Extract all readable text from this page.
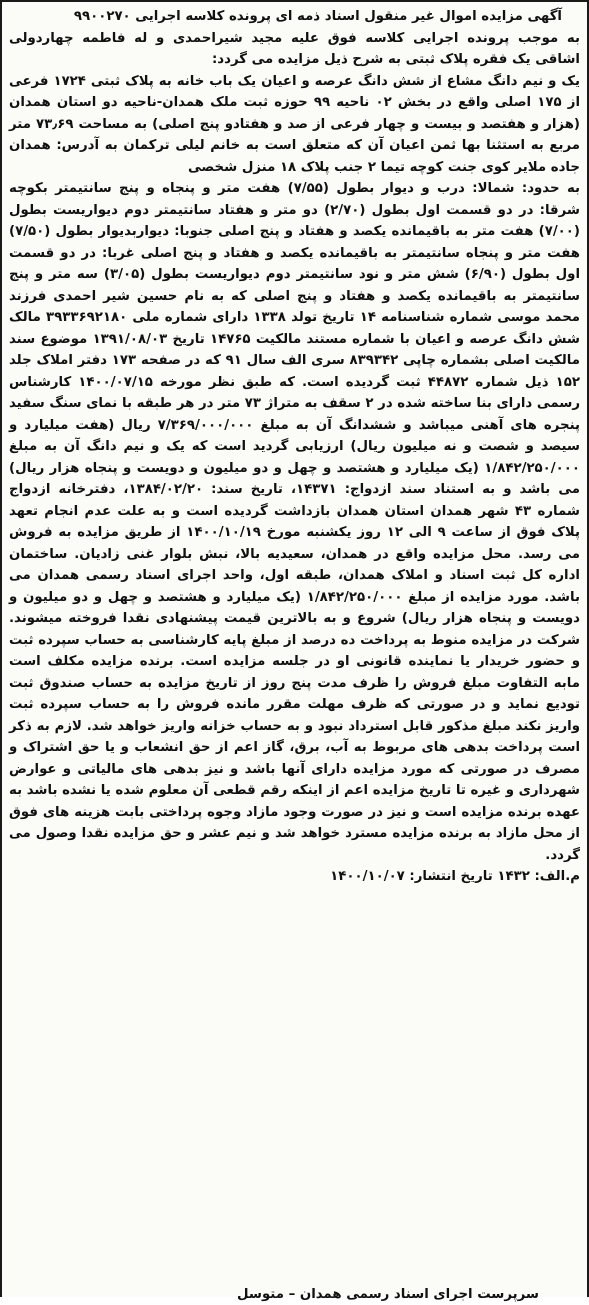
آگهی مزایده اموال غیر منقول اسناد ذمه ای پرونده کلاسه اجرایی ۹۹۰۰۲۷۰

به موجب پرونده اجرایی کلاسه فوق علیه مجید شیراحمدی و له فاطمه چهاردولی اشاقی یک فقره پلاک ثبتی به شرح ذیل مزایده می گردد:

یک و نیم دانگ مشاع از شش دانگ عرصه و اعیان یک باب خانه به پلاک ثبتی ۱۷۲۴ فرعی از ۱۷۵ اصلی واقع در بخش ۰۲ ناحیه ۹۹ حوزه ثبت ملک همدان-ناحیه دو استان همدان (هزار و هفتصد و بیست و چهار فرعی از صد و هفتادو پنج اصلی) به مساحت ۷۳٫۶۹ متر مربع به استثنا بها ثمن اعیان آن که متعلق است به خانم لیلی ترکمان به آدرس: همدان جاده ملایر کوی جنت کوچه تیما ۲ جنب پلاک ۱۸ منزل شخصی

به حدود: شمالا: درب و دیوار بطول (۷/۵۵) هفت متر و پنجاه و پنج سانتیمتر بکوچه شرقا: در دو قسمت اول بطول (۲/۷۰) دو متر و هفتاد سانتیمتر دوم دیواریست بطول (۷/۰۰) هفت متر به باقیمانده یکصد و هفتاد و پنج اصلی جنوبا: دیواربدیوار بطول (۷/۵۰) هفت متر و پنجاه سانتیمتر به باقیمانده یکصد و هفتاد و پنج اصلی غربا: در دو قسمت اول بطول (۶/۹۰) شش متر و نود سانتیمتر دوم دیواریست بطول (۳/۰۵) سه متر و پنج سانتیمتر به باقیمانده یکصد و هفتاد و پنج اصلی که به نام حسین شیر احمدی فرزند محمد موسی شماره شناسنامه ۱۴ تاریخ تولد ۱۳۳۸ دارای شماره ملی ۳۹۳۳۶۹۲۱۸۰ مالک شش دانگ عرصه و اعیان با شماره مستند مالکیت ۱۴۷۶۵ تاریخ ۱۳۹۱/۰۸/۰۳ موضوع سند مالکیت اصلی بشماره چاپی ۸۳۹۳۴۲ سری الف سال ۹۱ که در صفحه ۱۷۳ دفتر املاک جلد ۱۵۲ ذیل شماره ۴۴۸۷۲ ثبت گردیده است. که طبق نظر مورخه ۱۴۰۰/۰۷/۱۵ کارشناس رسمی دارای بنا ساخته شده در ۲ سقف به متراژ ۷۳ متر در هر طبقه با نمای سنگ سفید پنجره های آهنی میباشد و ششدانگ آن به مبلغ ۷/۳۶۹/۰۰۰/۰۰۰ ریال (هفت میلیارد و سیصد و شصت و نه میلیون ریال) ارزیابی گردید است که یک و نیم دانگ آن به مبلغ ۱/۸۴۲/۲۵۰/۰۰۰ (یک میلیارد و هشتصد و چهل و دو میلیون و دویست و پنجاه هزار ریال) می باشد و به استناد سند ازدواج: ۱۴۳۷۱، تاریخ سند: ۱۳۸۴/۰۲/۲۰، دفترخانه ازدواج شماره ۴۳ شهر همدان استان همدان بازداشت گردیده است و به علت عدم انجام تعهد پلاک فوق از ساعت ۹ الی ۱۲ روز یکشنبه مورخ ۱۴۰۰/۱۰/۱۹ از طریق مزایده به فروش می رسد. محل مزایده واقع در همدان، سعیدیه بالا، نبش بلوار غنی زادیان. ساختمان اداره کل ثبت اسناد و املاک همدان، طبقه اول، واحد اجرای اسناد رسمی همدان می باشد. مورد مزایده از مبلغ ۱/۸۴۲/۲۵۰/۰۰۰ (یک میلیارد و هشتصد و چهل و دو میلیون و دویست و پنجاه هزار ریال) شروع و به بالاترین قیمت پیشنهادی نقدا فروخته میشوند. شرکت در مزایده منوط به پرداخت ده درصد از مبلغ پایه کارشناسی به حساب سپرده ثبت و حضور خریدار یا نماینده قانونی او در جلسه مزایده است. برنده مزایده مکلف است مابه التفاوت مبلغ فروش را ظرف مدت پنج روز از تاریخ مزایده به حساب صندوق ثبت تودیع نماید و در صورتی که ظرف مهلت مقرر مانده فروش را به حساب سپرده ثبت واریز نکند مبلغ مذکور قابل استرداد نبود و به حساب خزانه واریز خواهد شد. لازم به ذکر است پرداخت بدهی های مربوط به آب، برق، گاز اعم از حق انشعاب و یا حق اشتراک و مصرف در صورتی که مورد مزایده دارای آنها باشد و نیز بدهی های مالیاتی و عوارض شهرداری و غیره تا تاریخ مزایده اعم از اینکه رقم قطعی آن معلوم شده یا نشده باشد به عهده برنده مزایده است و نیز در صورت وجود مازاد وجوه پرداختی بابت هزینه های فوق از محل مازاد به برنده مزایده مسترد خواهد شد و نیم عشر و حق مزایده نقدا وصول می گردد.

م.الف: ۱۴۳۲ تاریخ انتشار: ۱۴۰۰/۱۰/۰۷
سرپرست اجرای اسناد رسمی همدان – متوسل
